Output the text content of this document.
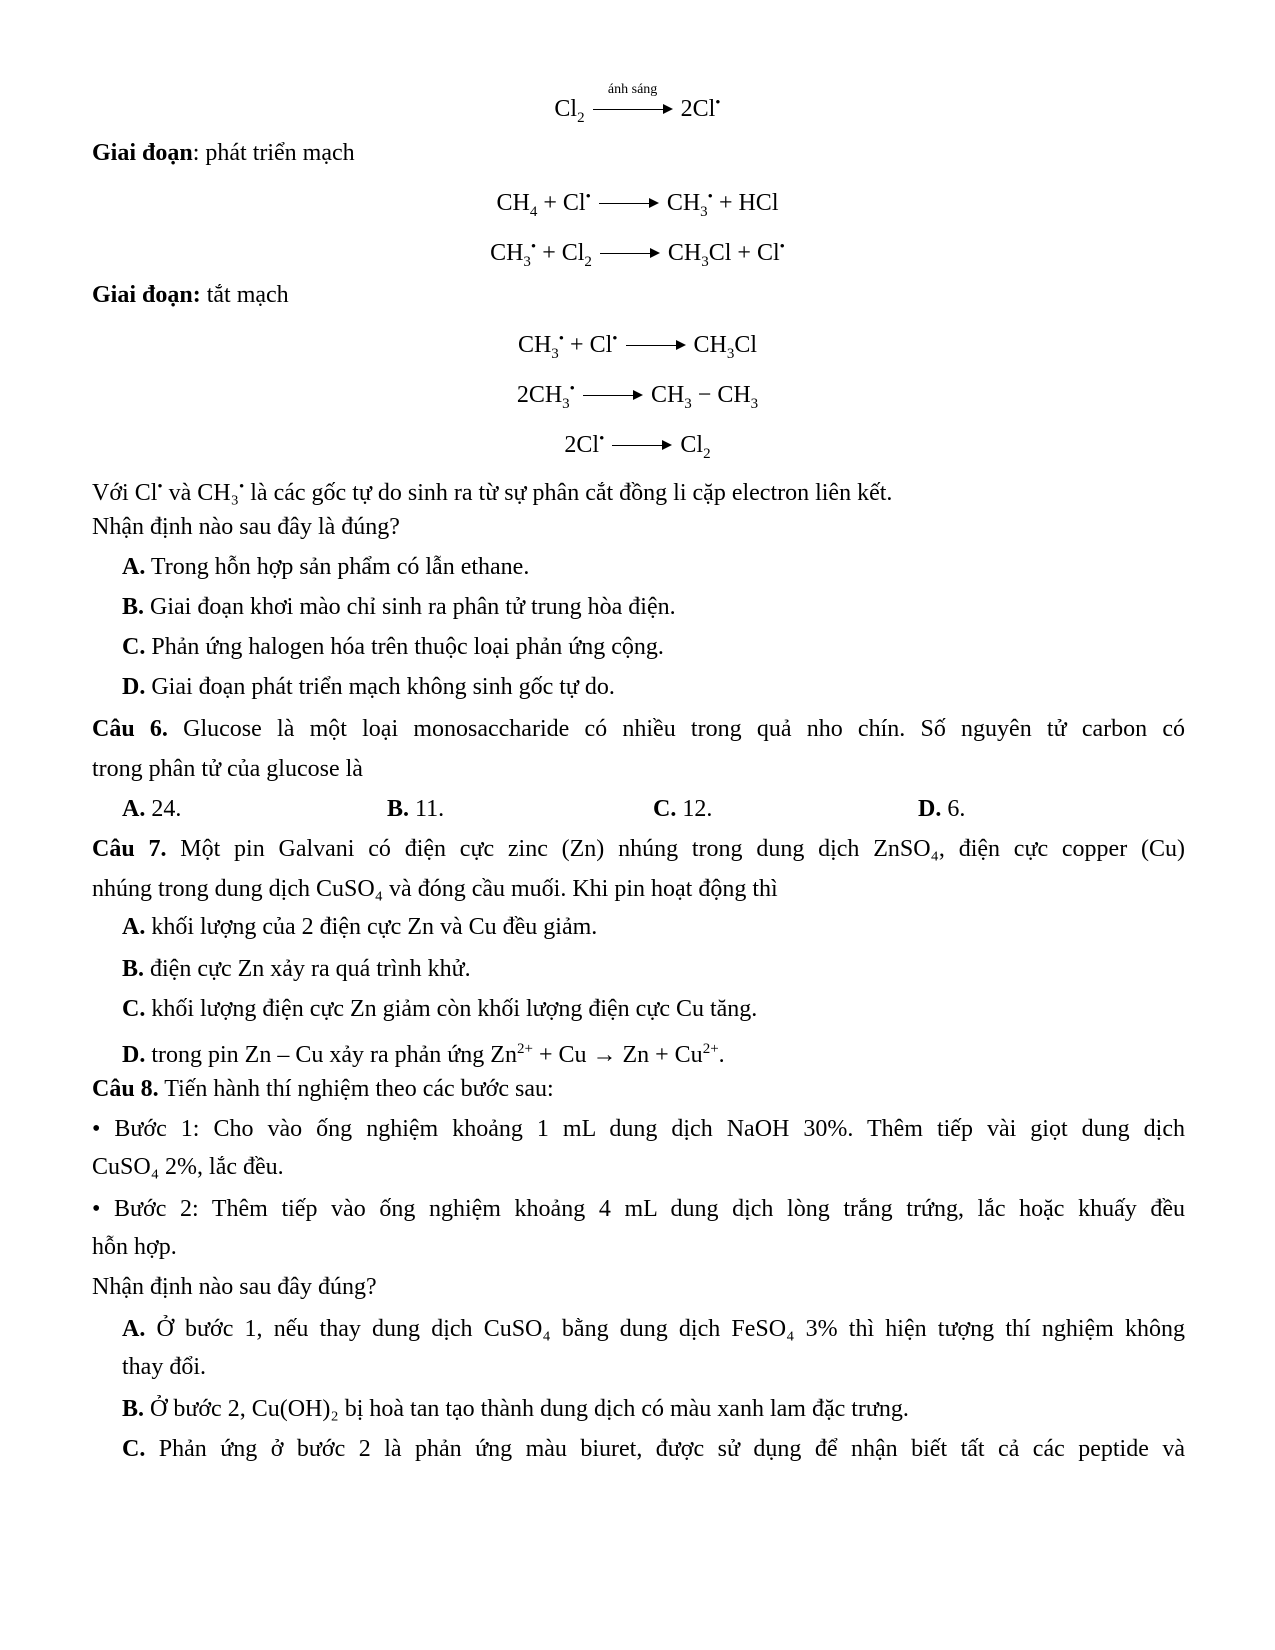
$Cl_2$
ánh sáng
2Cl•
Giai đoạn: phát triển mạch
$CH_4 + Cl^•$	$CH_3^•$ + HCl
$CH_3^• + Cl_2$	$CH_3Cl + Cl^•$
Giai đoạn: tắt mạch
$CH_3^• + Cl^•$	$CH_3Cl$
$2CH_3^•$	$CH_3 - CH_3$
2Cl•	$Cl_2$
Với Cl• và CH₃• là các gốc tự do sinh ra từ sự phân cắt đồng li cặp electron liên kết.
Nhận định nào sau đây là đúng?
A. Trong hỗn hợp sản phẩm có lẫn ethane.
B. Giai đoạn khơi mào chỉ sinh ra phân tử trung hòa điện.
C. Phản ứng halogen hóa trên thuộc loại phản ứng cộng.
D. Giai đoạn phát triển mạch không sinh gốc tự do.
Câu 6. Glucose là một loại monosaccharide có nhiều trong quả nho chín. Số nguyên tử carbon có
trong phân tử của glucose là
A. 24.	B. 11.	C. 12.	D. 6.
Câu 7. Một pin Galvani có điện cực zinc (Zn) nhúng trong dung dịch ZnSO₄, điện cực copper (Cu)
nhúng trong dung dịch CuSO₄ và đóng cầu muối. Khi pin hoạt động thì
A. khối lượng của 2 điện cực Zn và Cu đều giảm.
B. điện cực Zn xảy ra quá trình khử.
C. khối lượng điện cực Zn giảm còn khối lượng điện cực Cu tăng.
D. trong pin Zn – Cu xảy ra phản ứng $Zn^{2+} + Cu \to Zn + Cu^{2+}$.
Câu 8. Tiến hành thí nghiệm theo các bước sau:
• Bước 1: Cho vào ống nghiệm khoảng 1 mL dung dịch NaOH 30%. Thêm tiếp vài giọt dung dịch
CuSO₄ 2%, lắc đều.
• Bước 2: Thêm tiếp vào ống nghiệm khoảng 4 mL dung dịch lòng trắng trứng, lắc hoặc khuấy đều
hỗn hợp.
Nhận định nào sau đây đúng?
A. Ở bước 1, nếu thay dung dịch CuSO₄ bằng dung dịch FeSO₄ 3% thì hiện tượng thí nghiệm không
thay đổi.
B. Ở bước 2, Cu(OH)₂ bị hoà tan tạo thành dung dịch có màu xanh lam đặc trưng.
C. Phản ứng ở bước 2 là phản ứng màu biuret, được sử dụng để nhận biết tất cả các peptide và
